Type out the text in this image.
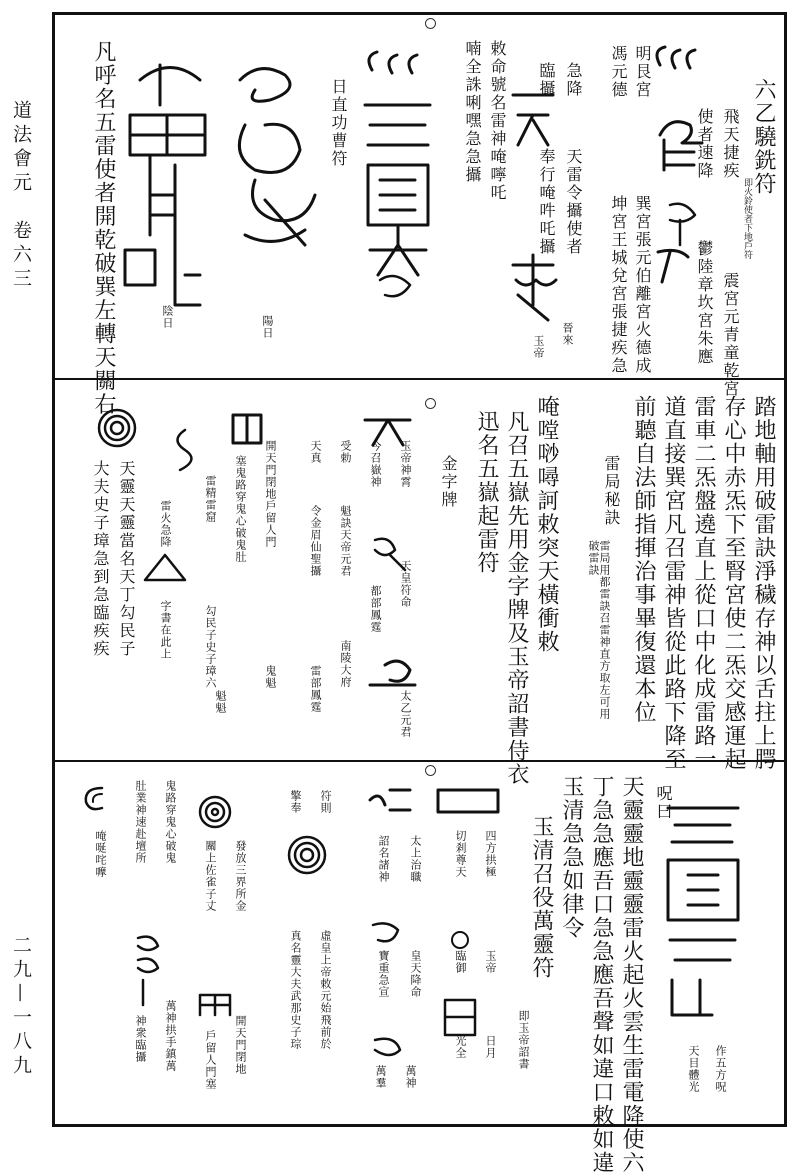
道法會元　卷六三
二九—一八九
六乙驍銑符
即火鈴使者下地戶符
飛天捷疾
震宮元青童乾宮
使者速降
鬱陸章坎宮朱應
明艮宮
巽宮張元伯離宮火德成
馮元德
坤宮王城兌宮張捷疾急
急降
天雷令攝使者
臨攝
奉行唵吽吒攝
晉來
玉帝
敕命號名雷神唵嚀吒
喃全誅唎嘿急急攝
日直功曹符
陽日
陰日
凡呼名五雷使者開乾破巽左轉天關右
踏地軸用破雷訣淨穢存神以舌拄上腭
存心中赤炁下至腎宮使二炁交感運起
雷車二炁盤遶直上從口中化成雷路一
道直接巽宮凡召雷神皆從此路下降至
前聽自法師指揮治事畢復還本位
雷局秘訣
雷局用都雷訣召雷神直方取左可用破雷訣
唵嘡唦噚訶敕突天橫衝敕
凡召五嶽先用金字牌及玉帝詔書侍衣
迅名五嶽起雷符
金字牌
玉帝神霄
天皇符命
太乙元君
今召嶽神
都部鳳霆
受勅
魁訣天帝元君
南陵大府
天真
令金眉仙聖攝
雷部鳳霆
開天門閉地戶留人門
鬼魁
魁魁
塞鬼路穿鬼心破鬼肚
雷精雷窟
勾民子史子璋六
雷火急降
字書在此上
天靈天靈當名天丁勾民子
大夫史子璋急到急臨疾疾
呪曰
作五方呪
天目體光
天靈靈地靈靈雷火起火雲生雷電降使六
丁急急應吾口急急應吾聲如違口敕如違
玉清急急如律令
玉清召役萬靈符
即玉帝詔書
四方拱極
切剎尊天
玉帝
臨御
日月
光全
太上治職
詔名諸神
皇天降命
寶重急宣
萬神
萬羣
符則
擎奉
虛皇上帝敕元始飛前於
真名靈大夫武那史子琮
發放三界所金
關上佐雀子丈
開天門閉地
戶留人門塞
鬼路穿鬼心破鬼
萬神拱手鎮萬
肚業神速赴壇所
神衆臨攝
唵唌咤嚤
